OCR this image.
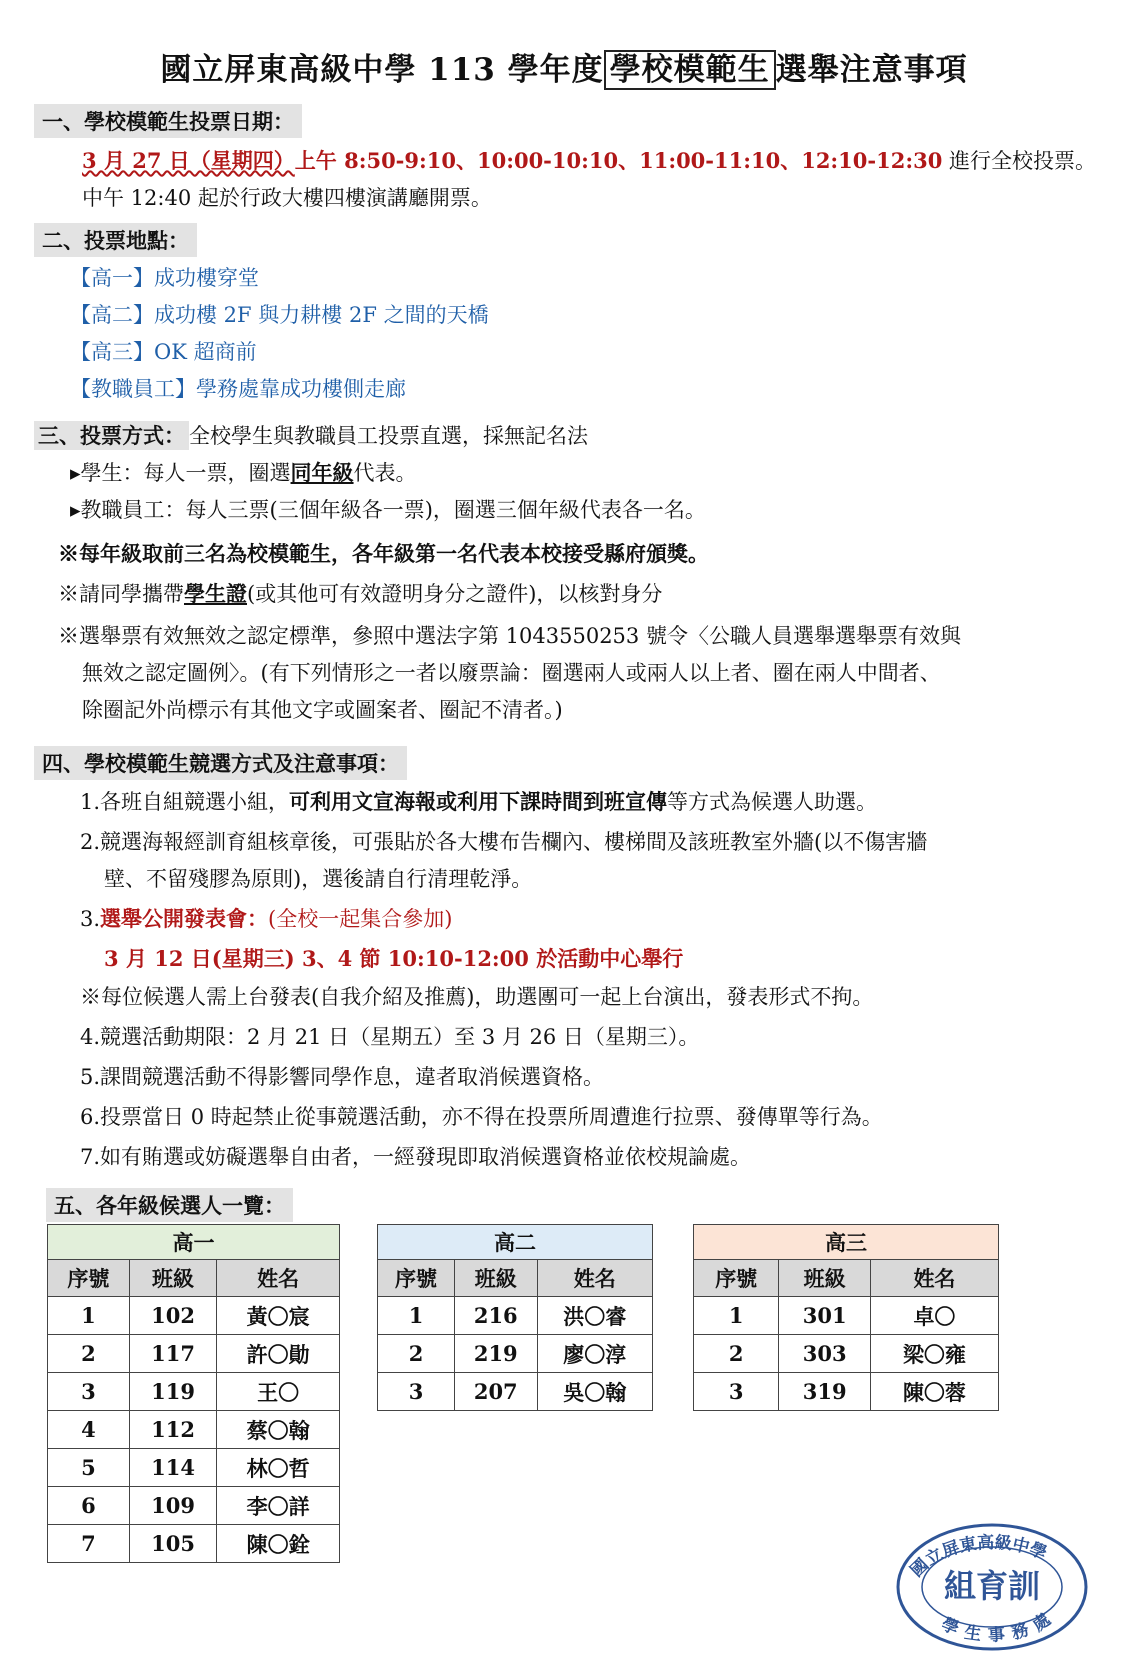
國立屏東高級中學 113 學年度 學校模範生 選舉注意事項
一、學校模範生投票日期：
3 月 27 日（星期四）上午 8:50-9:10、10:00-10:10、11:00-11:10、12:10-12:30 進行全校投票。
中午 12:40 起於行政大樓四樓演講廳開票。
二、投票地點：
【高一】成功樓穿堂
【高二】成功樓 2F 與力耕樓 2F 之間的天橋
【高三】OK 超商前
【教職員工】學務處靠成功樓側走廊
三、投票方式： 全校學生與教職員工投票直選，採無記名法
▸學生：每人一票，圈選同年級代表。
▸教職員工：每人三票(三個年級各一票)，圈選三個年級代表各一名。
※每年級取前三名為校模範生，各年級第一名代表本校接受縣府頒獎。
※請同學攜帶學生證(或其他可有效證明身分之證件)，以核對身分
※選舉票有效無效之認定標準，參照中選法字第 1043550253 號令〈公職人員選舉選舉票有效與
無效之認定圖例〉。(有下列情形之一者以廢票論：圈選兩人或兩人以上者、圈在兩人中間者、
除圈記外尚標示有其他文字或圖案者、圈記不清者。)
四、學校模範生競選方式及注意事項：
1.各班自組競選小組，可利用文宣海報或利用下課時間到班宣傳等方式為候選人助選。
2.競選海報經訓育組核章後，可張貼於各大樓布告欄內、樓梯間及該班教室外牆(以不傷害牆
壁、不留殘膠為原則)，選後請自行清理乾淨。
3.選舉公開發表會：(全校一起集合參加)
3 月 12 日(星期三) 3、4 節 10:10-12:00 於活動中心舉行
※每位候選人需上台發表(自我介紹及推薦)，助選團可一起上台演出，發表形式不拘。
4.競選活動期限：2 月 21 日（星期五）至 3 月 26 日（星期三）。
5.課間競選活動不得影響同學作息，違者取消候選資格。
6.投票當日 0 時起禁止從事競選活動，亦不得在投票所周遭進行拉票、發傳單等行為。
7.如有賄選或妨礙選舉自由者，一經發現即取消候選資格並依校規論處。
五、各年級候選人一覽：
高一		
序號	班級	姓名
1	102	黃〇宸
2	117	許〇勛
3	119	王〇
4	112	蔡〇翰
5	114	林〇哲
6	109	李〇詳
7	105	陳〇銓
高二		
序號	班級	姓名
1	216	洪〇睿
2	219	廖〇淳
3	207	吳〇翰
高三		
序號	班級	姓名
1	301	卓〇
2	303	梁〇雍
3	319	陳〇蓉
國立屏東高級中學
學生事務處
組育訓
